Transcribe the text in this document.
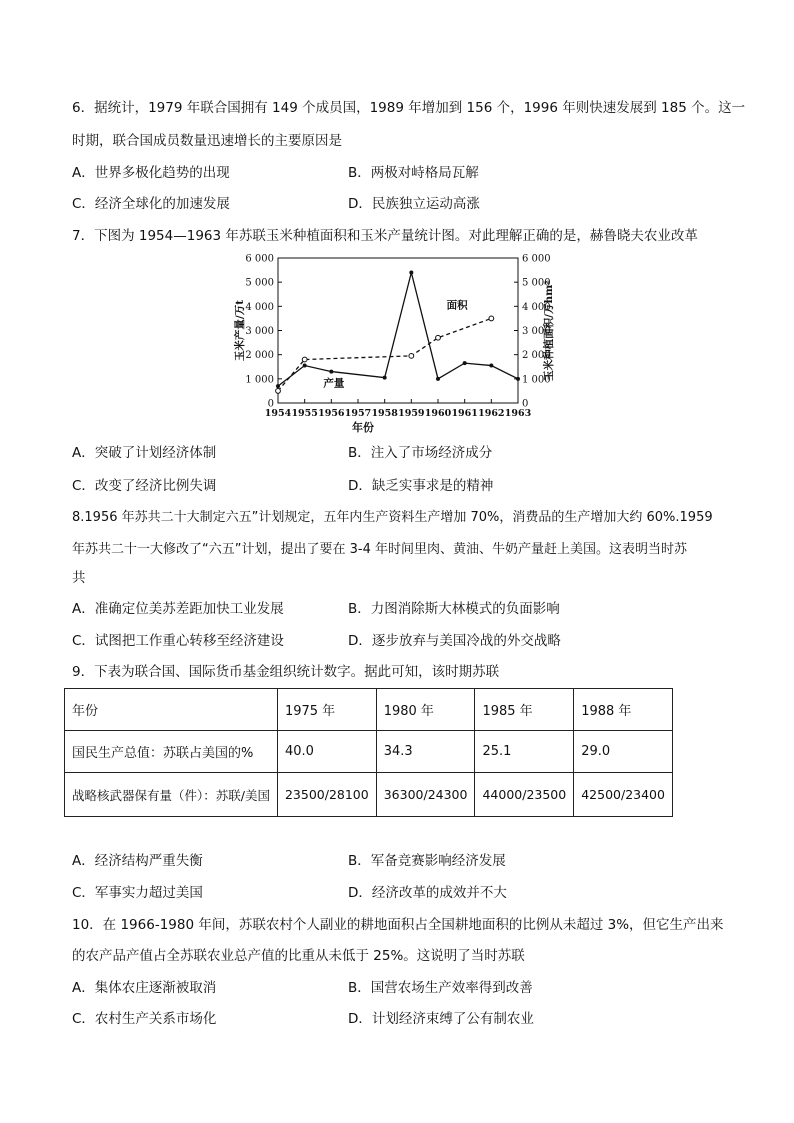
6．据统计，1979 年联合国拥有 149 个成员国，1989 年增加到 156 个，1996 年则快速发展到 185 个。这一
时期，联合国成员数量迅速增长的主要原因是
A．世界多极化趋势的出现	B．两极对峙格局瓦解
C．经济全球化的加速发展	D．民族独立运动高涨
7．下图为 1954—1963 年苏联玉米种植面积和玉米产量统计图。对此理解正确的是，赫鲁晓夫农业改革
0	0
1 000	1 000
2 000	2 000
3 000	3 000
4 000	4 000
5 000	5 000
6 000	6 000
1954 1955 1956 1957 1958 1959 1960 1961 1962 1963
产量
面积
玉米产量/万t	玉米种植面积/万hm²
年份
A．突破了计划经济体制	B．注入了市场经济成分
C．改变了经济比例失调	D．缺乏实事求是的精神
8.1956 年苏共二十大制定六五”计划规定，五年内生产资料生产增加 70%，消费品的生产增加大约 60%.1959
年苏共二十一大修改了“六五”计划，提出了要在 3-4 年时间里肉、黄油、牛奶产量赶上美国。这表明当时苏
共
A．准确定位美苏差距加快工业发展	B．力图消除斯大林模式的负面影响
C．试图把工作重心转移至经济建设	D．逐步放弃与美国冷战的外交战略
9．下表为联合国、国际货币基金组织统计数字。据此可知，该时期苏联
年份	1975 年	1980 年	1985 年	1988 年
国民生产总值：苏联占美国的%	40.0	34.3	25.1	29.0
战略核武器保有量（件）：苏联/美国	23500/28100	36300/24300	44000/23500	42500/23400
A．经济结构严重失衡	B．军备竞赛影响经济发展
C．军事实力超过美国	D．经济改革的成效并不大
10．在 1966-1980 年间，苏联农村个人副业的耕地面积占全国耕地面积的比例从未超过 3%，但它生产出来
的农产品产值占全苏联农业总产值的比重从未低于 25%。这说明了当时苏联
A．集体农庄逐渐被取消	B．国营农场生产效率得到改善
C．农村生产关系市场化	D．计划经济束缚了公有制农业
